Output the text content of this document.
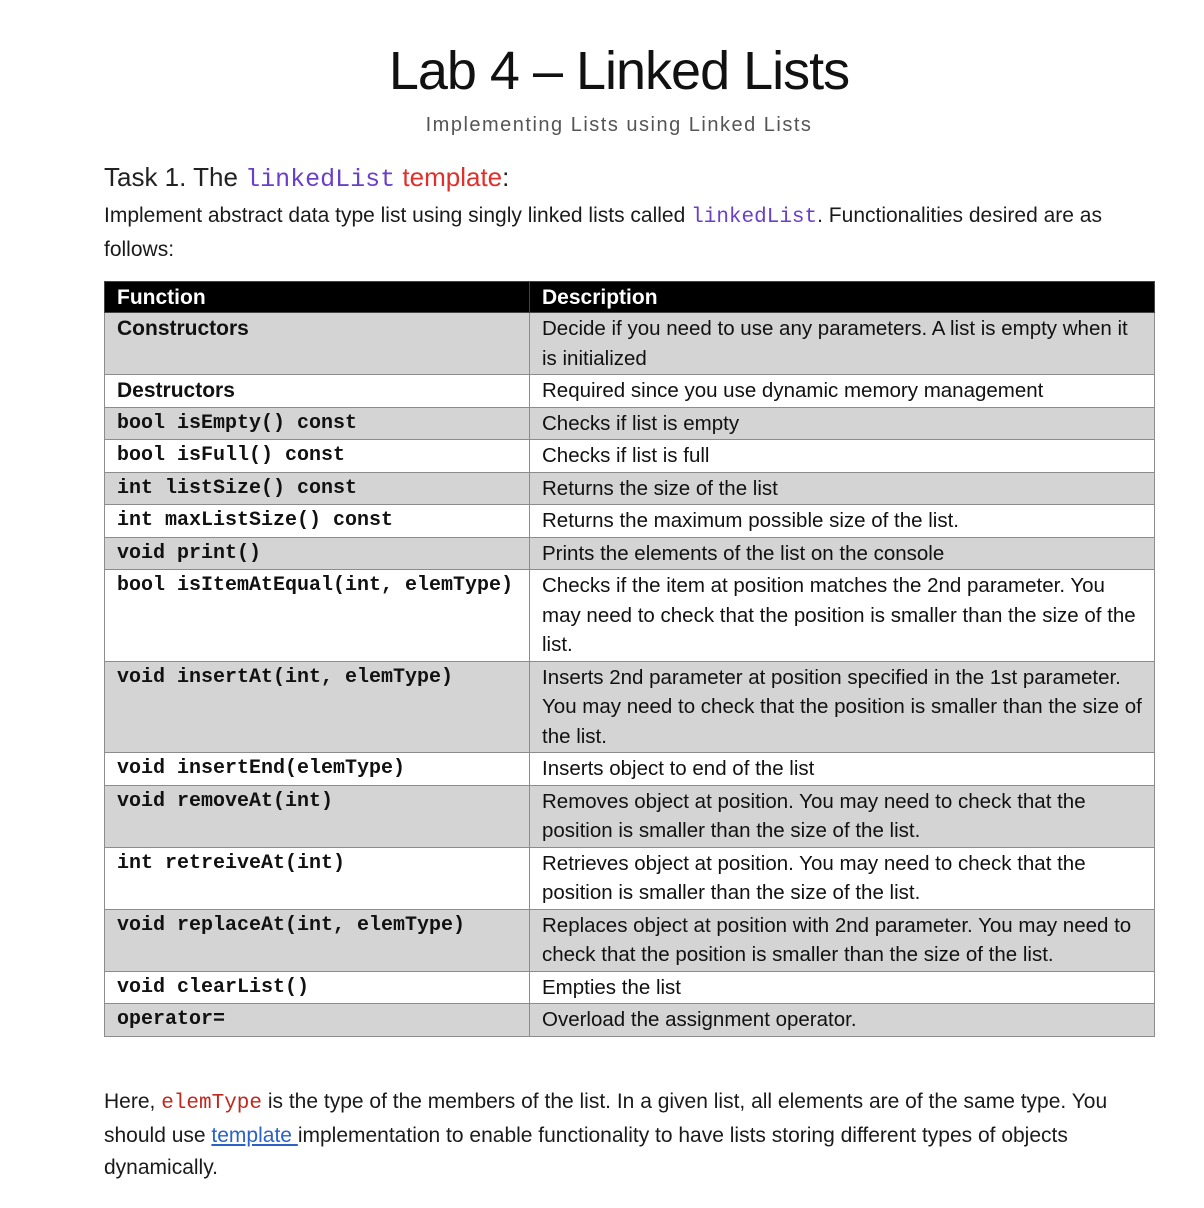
Lab 4 – Linked Lists
Implementing Lists using Linked Lists
Task 1. The linkedList template:
Implement abstract data type list using singly linked lists called linkedList. Functionalities desired are as follows:
Function	Description
Constructors	Decide if you need to use any parameters. A list is empty when it is initialized
Destructors	Required since you use dynamic memory management
bool isEmpty() const	Checks if list is empty
bool isFull() const	Checks if list is full
int listSize() const	Returns the size of the list
int maxListSize() const	Returns the maximum possible size of the list.
void print()	Prints the elements of the list on the console
bool isItemAtEqual(int, elemType)	Checks if the item at position matches the 2nd parameter. You may need to check that the position is smaller than the size of the list.
void insertAt(int, elemType)	Inserts 2nd parameter at position specified in the 1st parameter. You may need to check that the position is smaller than the size of the list.
void insertEnd(elemType)	Inserts object to end of the list
void removeAt(int)	Removes object at position. You may need to check that the position is smaller than the size of the list.
int retreiveAt(int)	Retrieves object at position. You may need to check that the position is smaller than the size of the list.
void replaceAt(int, elemType)	Replaces object at position with 2nd parameter. You may need to check that the position is smaller than the size of the list.
void clearList()	Empties the list
operator=	Overload the assignment operator.
Here, elemType is the type of the members of the list. In a given list, all elements are of the same type. You should use template implementation to enable functionality to have lists storing different types of objects dynamically.
